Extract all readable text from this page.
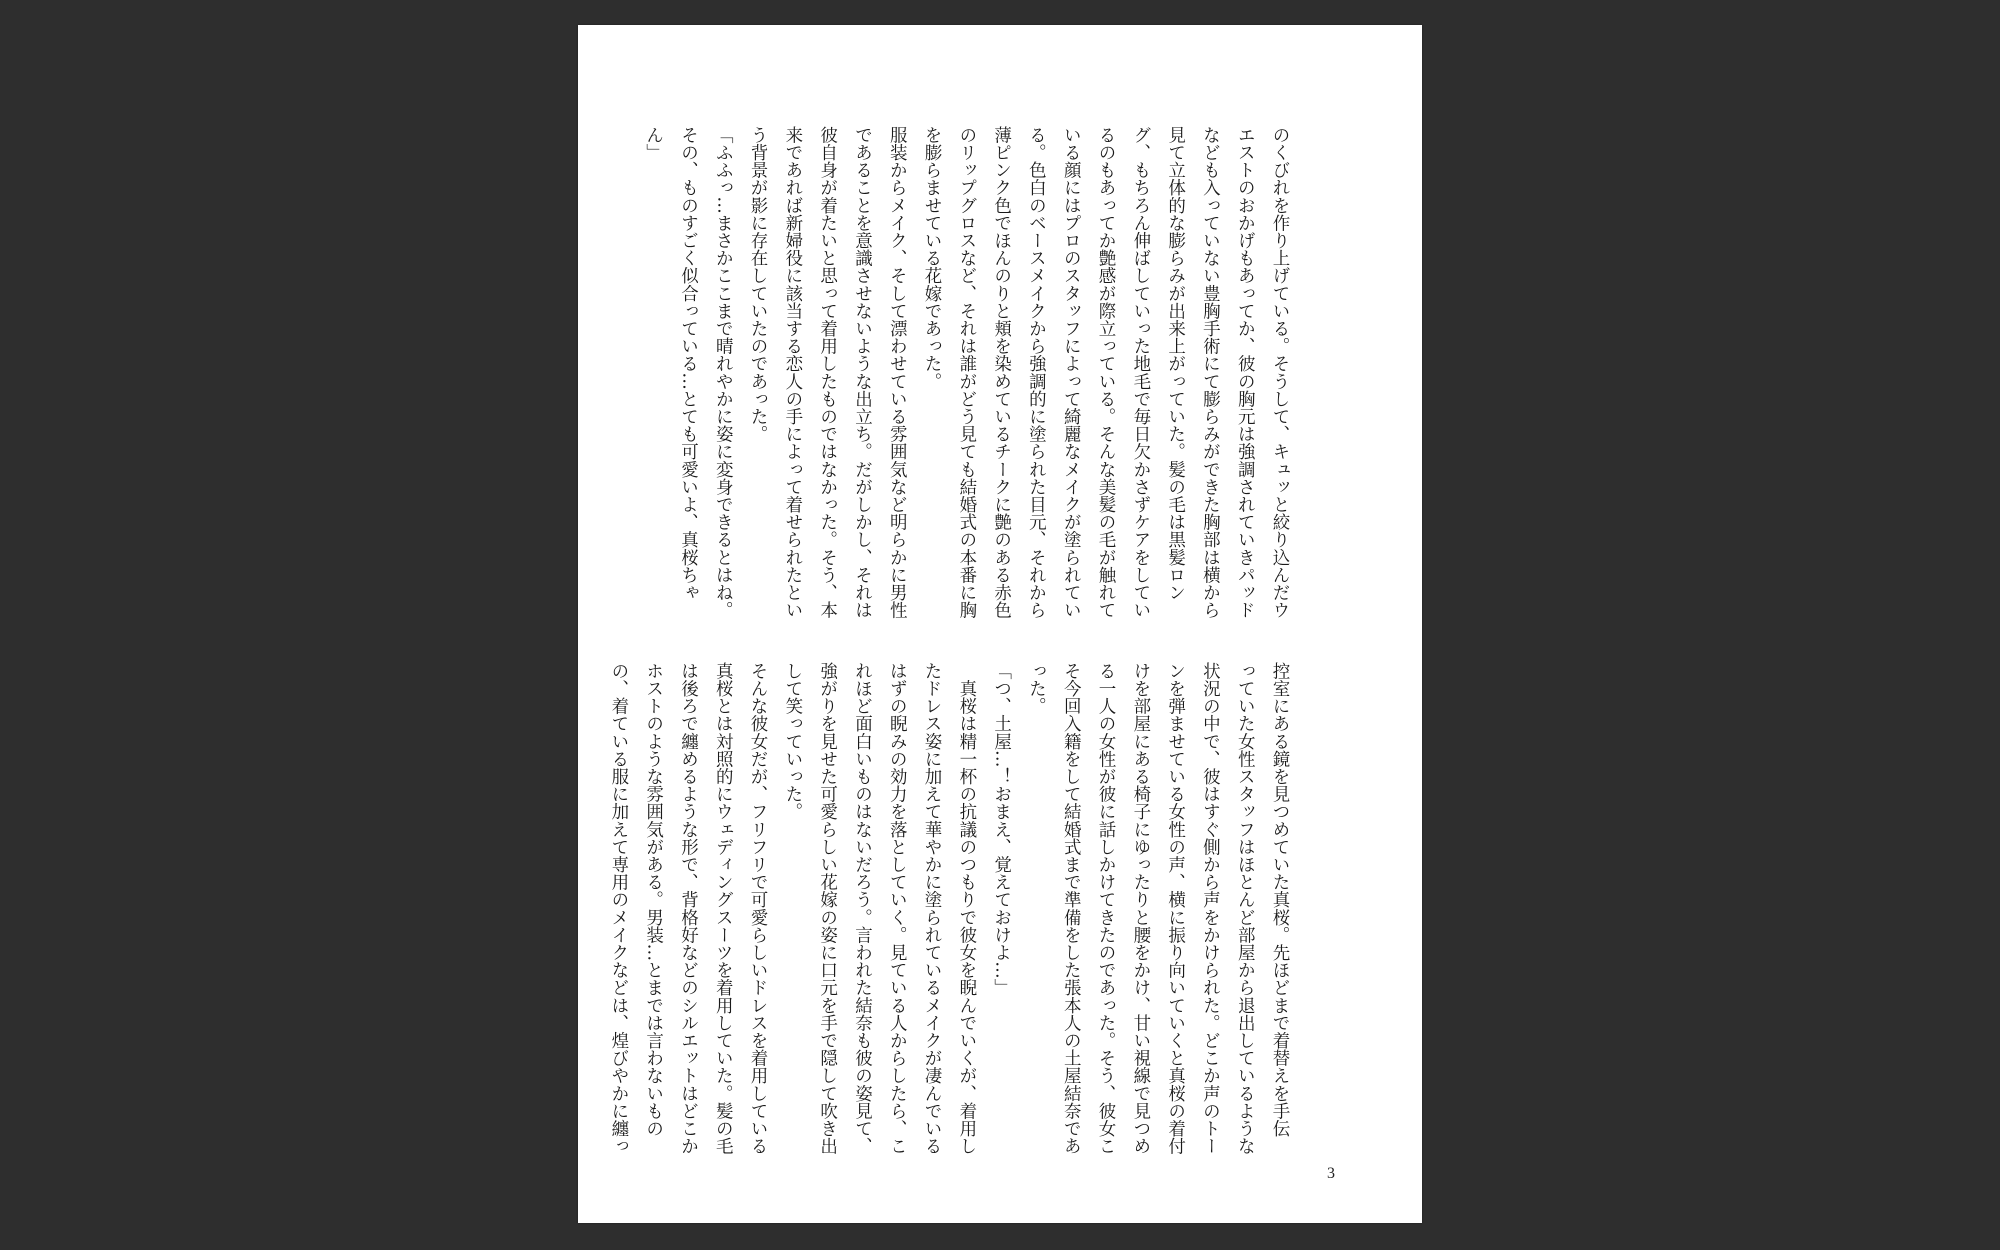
のくびれを作り上げている。そうして、キュッと絞り込んだウ

エストのおかげもあってか、彼の胸元は強調されていきパッド

なども入っていない豊胸手術にて膨らみができた胸部は横から

見て立体的な膨らみが出来上がっていた。髪の毛は黒髪ロン

グ、もちろん伸ばしていった地毛で毎日欠かさずケアをしてい

るのもあってか艶感が際立っている。そんな美髪の毛が触れて

いる顔にはプロのスタッフによって綺麗なメイクが塗られてい

る。色白のベースメイクから強調的に塗られた目元、それから

薄ピンク色でほんのりと頬を染めているチークに艶のある赤色

のリップグロスなど、それは誰がどう見ても結婚式の本番に胸

を膨らませている花嫁であった。

服装からメイク、そして漂わせている雰囲気など明らかに男性

であることを意識させないような出立ち。だがしかし、それは

彼自身が着たいと思って着用したものではなかった。そう、本

来であれば新婦役に該当する恋人の手によって着せられたとい

う背景が影に存在していたのであった。

「ふふっ…まさかここまで晴れやかに姿に変身できるとはね。

その、ものすごく似合っている…とても可愛いよ、真桜ちゃ

ん」

控室にある鏡を見つめていた真桜。先ほどまで着替えを手伝

っていた女性スタッフはほとんど部屋から退出しているような

状況の中で、彼はすぐ側から声をかけられた。どこか声のトー

ンを弾ませている女性の声、横に振り向いていくと真桜の着付

けを部屋にある椅子にゆったりと腰をかけ、甘い視線で見つめ

る一人の女性が彼に話しかけてきたのであった。そう、彼女こ

そ今回入籍をして結婚式まで準備をした張本人の土屋結奈であ

った。

「つ、土屋…！おまえ、覚えておけよ…」

　真桜は精一杯の抗議のつもりで彼女を睨んでいくが、着用し

たドレス姿に加えて華やかに塗られているメイクが凄んでいる

はずの睨みの効力を落としていく。見ている人からしたら、こ

れほど面白いものはないだろう。言われた結奈も彼の姿見て、

強がりを見せた可愛らしい花嫁の姿に口元を手で隠して吹き出

して笑っていった。

そんな彼女だが、フリフリで可愛らしいドレスを着用している

真桜とは対照的にウェディングスーツを着用していた。髪の毛

は後ろで纏めるような形で、背格好などのシルエットはどこか

ホストのような雰囲気がある。男装…とまでは言わないもの

の、着ている服に加えて専用のメイクなどは、煌びやかに纏っ

3
